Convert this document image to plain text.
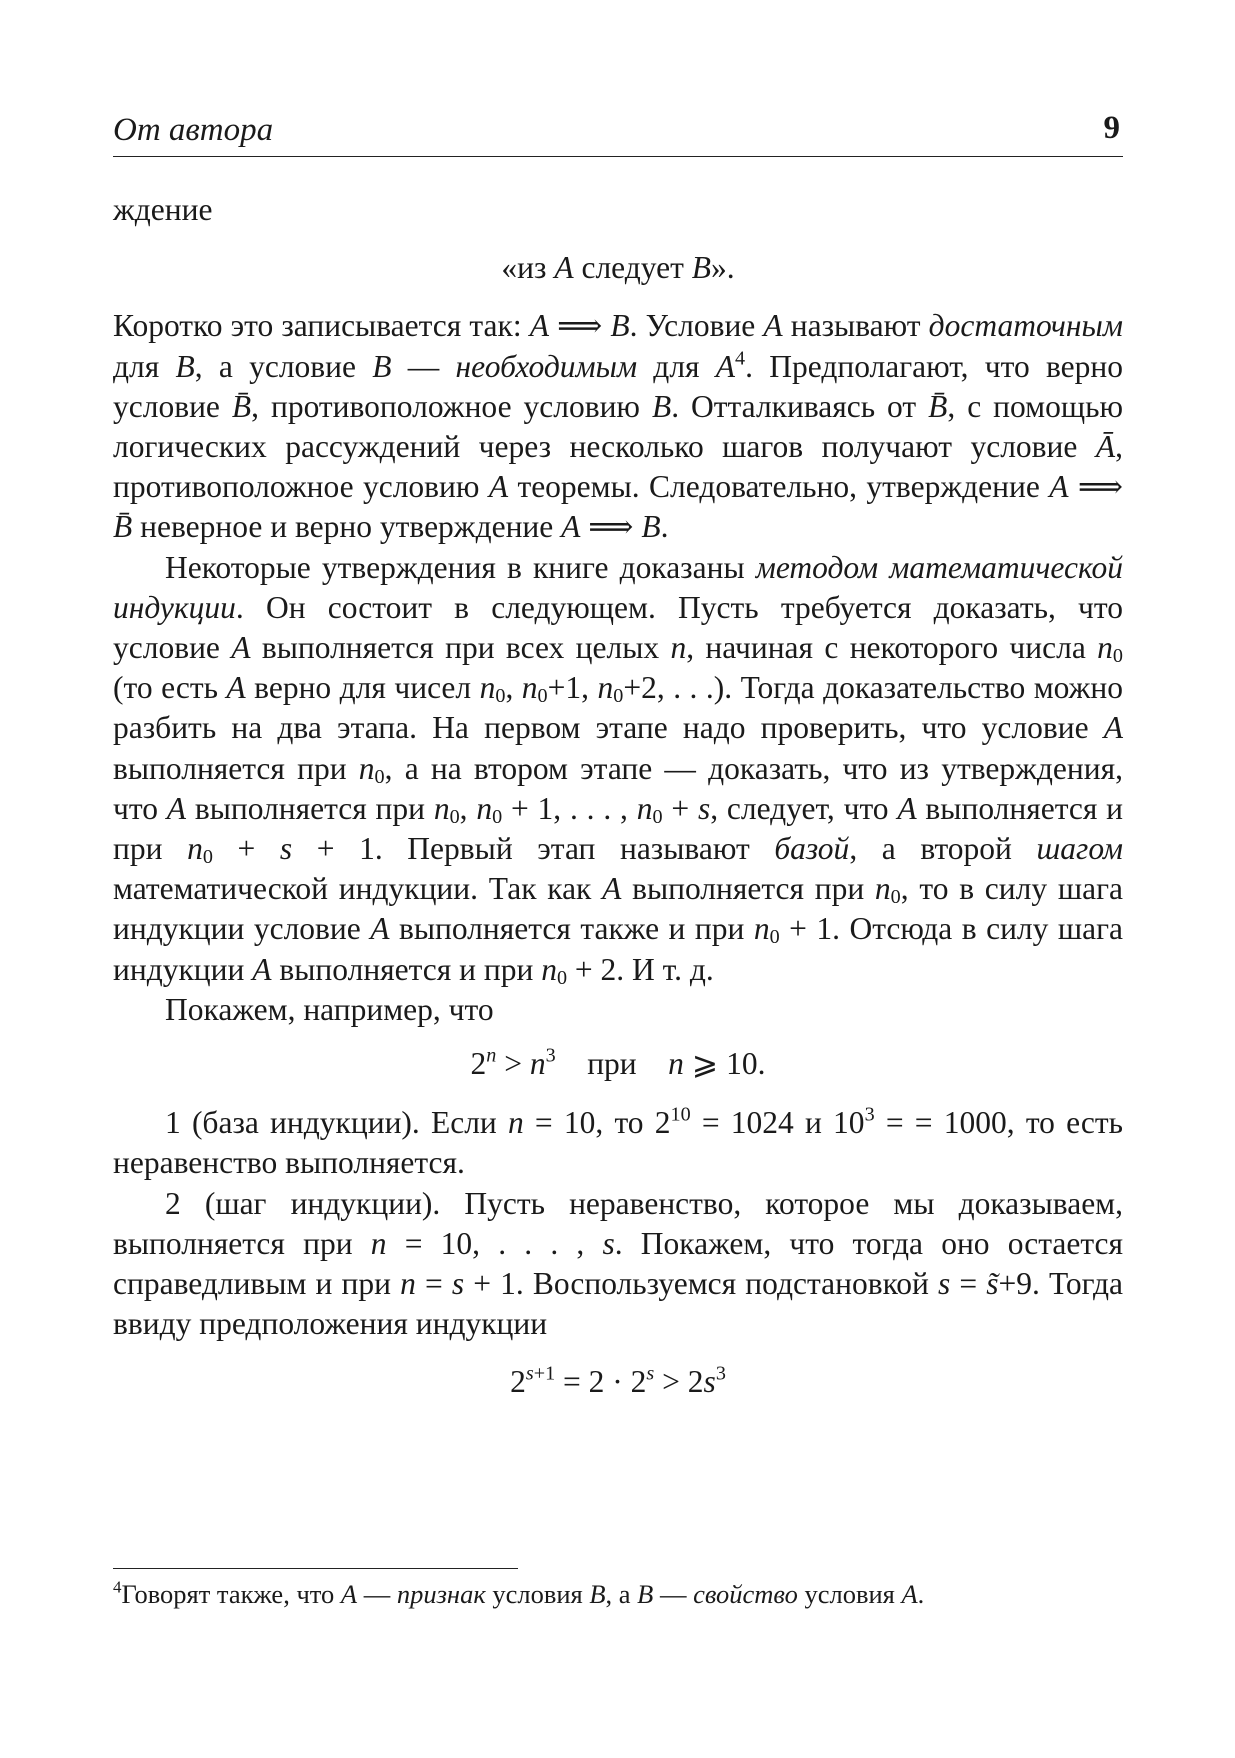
От автора	9

ждение

«из A следует B».

Коротко это записывается так: A ⟹ B. Условие A называют достаточным для B, а условие B — необходимым для $A^4$. Предполагают, что верно условие B̄, противоположное условию B. Отталкиваясь от B̄, с помощью логических рассуждений через несколько шагов получают условие Ā, противоположное условию A теоремы. Следовательно, утверждение A ⟹ B̄ неверное и верно утверждение A ⟹ B.

Некоторые утверждения в книге доказаны методом математической индукции. Он состоит в следующем. Пусть требуется доказать, что условие A выполняется при всех целых n, начиная с некоторого числа $n_0$ (то есть A верно для чисел $n_0$, $n_0+1$, $n_0+2$, . . .). Тогда доказательство можно разбить на два этапа. На первом этапе надо проверить, что условие A выполняется при $n_0$, а на втором этапе — доказать, что из утверждения, что A выполняется при $n_0$, $n_0 + 1$, . . . , $n_0 + s$, следует, что A выполняется и при $n_0 + s + 1$. Первый этап называют базой, а второй шагом математической индукции. Так как A выполняется при $n_0$, то в силу шага индукции условие A выполняется также и при $n_0 + 1$. Отсюда в силу шага индукции A выполняется и при $n_0 + 2$. И т. д.

Покажем, например, что

$2^n > n^3$    при    n ⩾ 10.

1 (база индукции). Если n = 10, то $2^{10} = 1024$ и $10^3$ = = 1000, то есть неравенство выполняется.

2 (шаг индукции). Пусть неравенство, которое мы доказываем, выполняется при n = 10, . . . , s. Покажем, что тогда оно остается справедливым и при n = s + 1. Воспользуемся подстановкой s = s̃+9. Тогда ввиду предположения индукции

$2^{s+1} = 2 \cdot 2^s > 2s^3$

$^4$Говорят также, что A — признак условия B, а B — свойство условия A.
